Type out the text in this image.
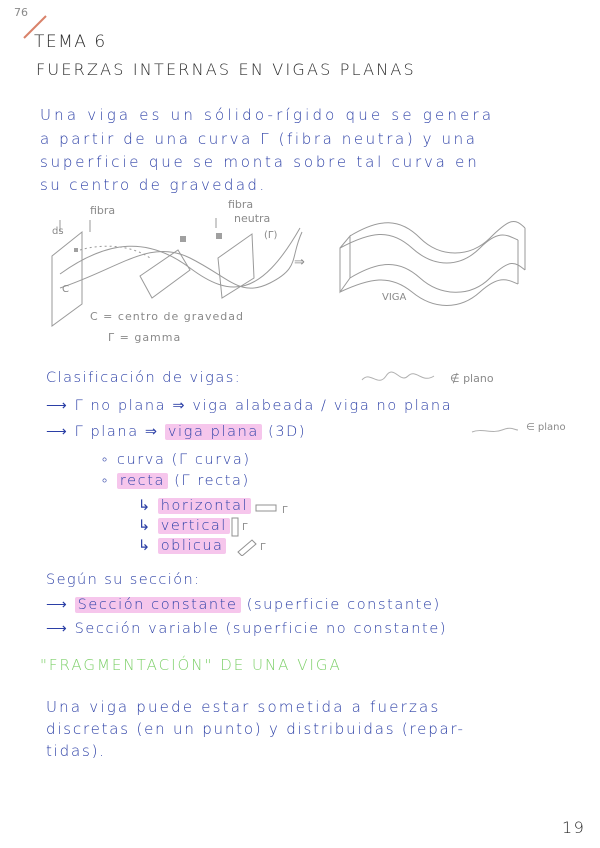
76
TEMA 6
FUERZAS INTERNAS EN VIGAS PLANAS
Una viga es un sólido-rígido que se genera
a partir de una curva Γ (fibra neutra) y una
superficie que se monta sobre tal curva en
su centro de gravedad.
ds
fibra	fibra
neutra
(Γ)
C
⇒
VIGA
C = centro de gravedad
Γ = gamma
Clasificación de vigas:	∉ plano
⟶ Γ no plana ⇒ viga alabeada / viga no plana
⟶ Γ plana ⇒ viga plana (3D)	∈ plano
∘ curva (Γ curva)
∘ recta (Γ recta)
↳ horizontal	Γ
↳ vertical	Γ
↳ oblicua	Γ
Según su sección:
⟶ Sección constante (superficie constante)
⟶ Sección variable (superficie no constante)
"FRAGMENTACIÓN" DE UNA VIGA
Una viga puede estar sometida a fuerzas
discretas (en un punto) y distribuidas (repar-
tidas).
19
